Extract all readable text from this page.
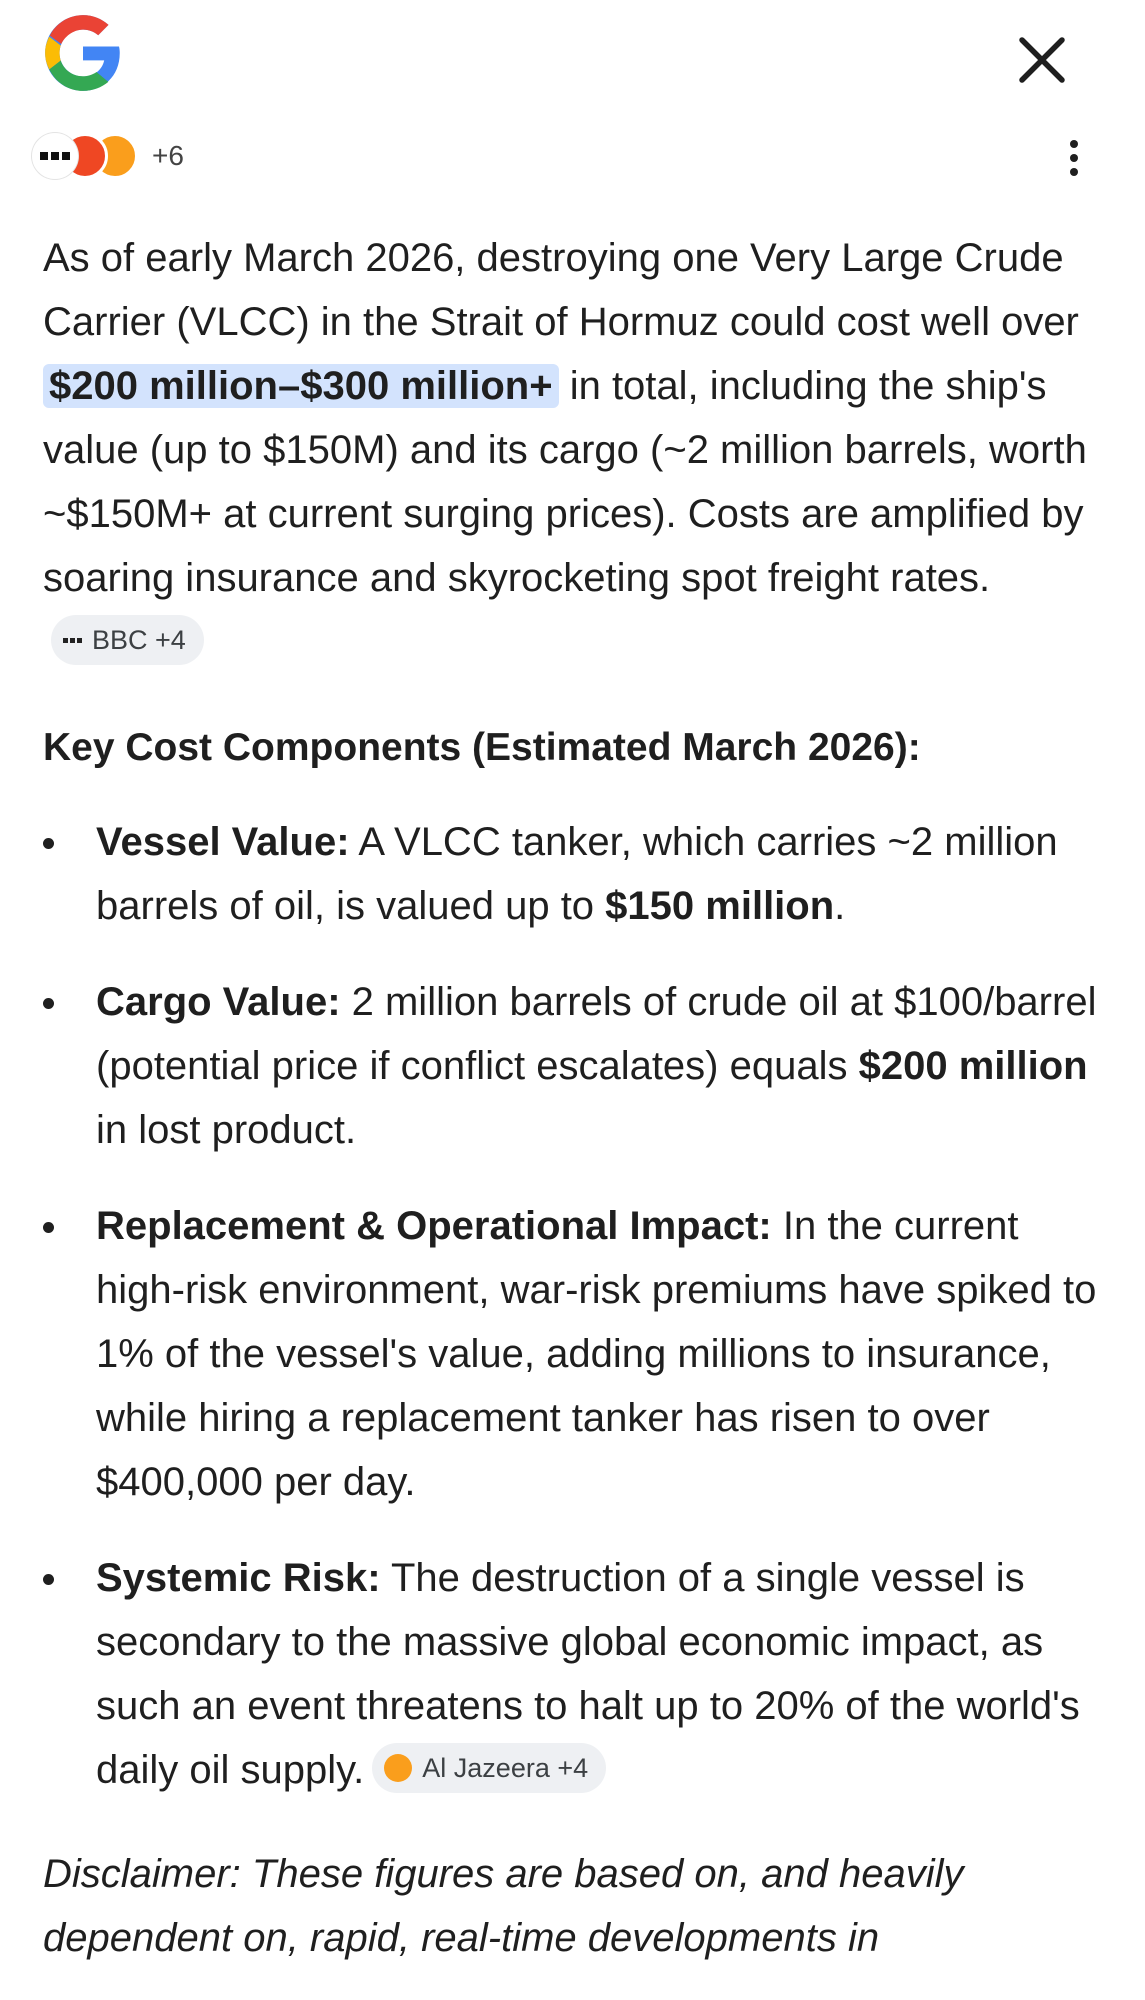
+6

As of early March 2026, destroying one Very Large Crude Carrier (VLCC) in the Strait of Hormuz could cost well over $200 million–$300 million+ in total, including the ship's value (up to $150M) and its cargo (~2 million barrels, worth ~$150M+ at current surging prices). Costs are amplified by soaring insurance and skyrocketing spot freight rates.
BBC +4

Key Cost Components (Estimated March 2026):

Vessel Value: A VLCC tanker, which carries ~2 million barrels of oil, is valued up to $150 million.
Cargo Value: 2 million barrels of crude oil at $100/barrel (potential price if conflict escalates) equals $200 million in lost product.
Replacement & Operational Impact: In the current high-risk environment, war-risk premiums have spiked to 1% of the vessel's value, adding millions to insurance, while hiring a replacement tanker has risen to over $400,000 per day.
Systemic Risk: The destruction of a single vessel is secondary to the massive global economic impact, as such an event threatens to halt up to 20% of the world's daily oil supply. Al Jazeera +4

Disclaimer: These figures are based on, and heavily dependent on, rapid, real-time developments in
